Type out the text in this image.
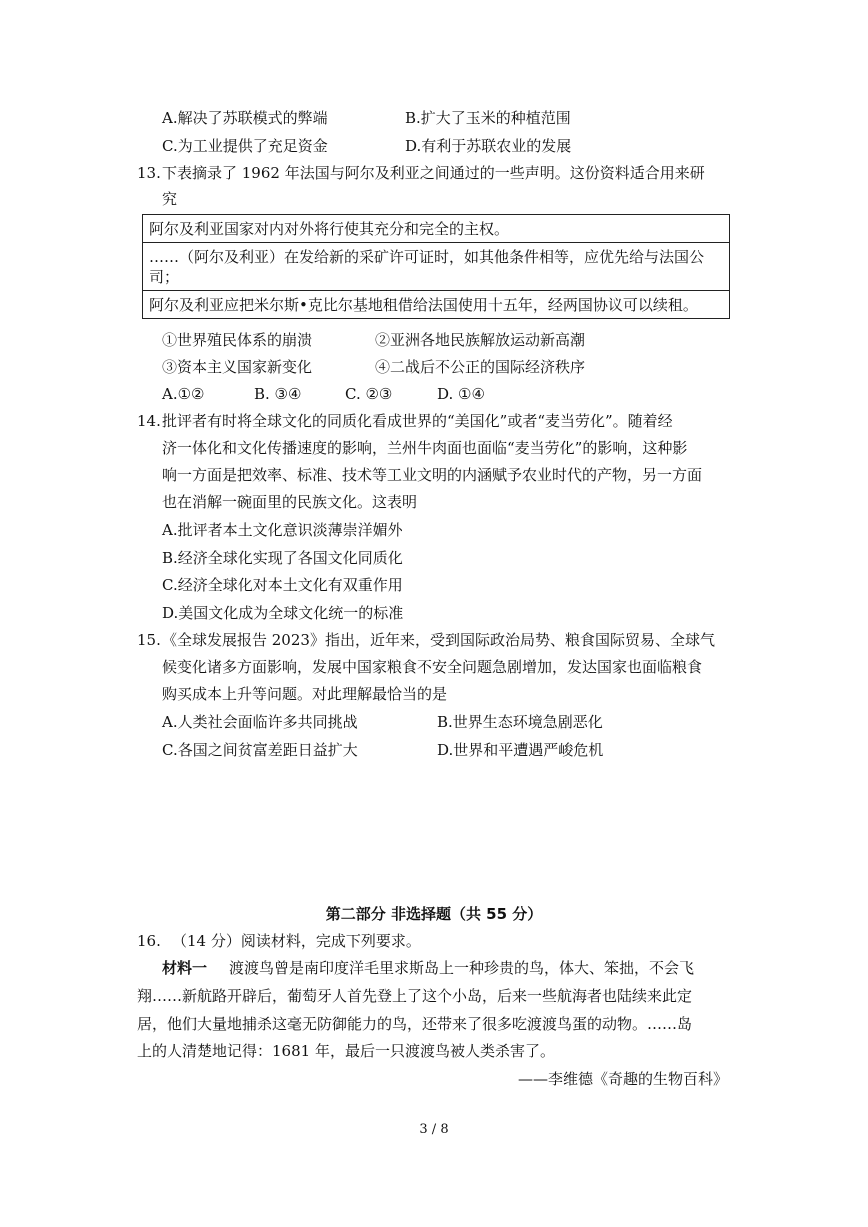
A.解决了苏联模式的弊端	B.扩大了玉米的种植范围
C.为工业提供了充足资金	D.有利于苏联农业的发展
13. 下表摘录了 1962 年法国与阿尔及利亚之间通过的一些声明。这份资料适合用来研
究
阿尔及利亚国家对内对外将行使其充分和完全的主权。
……（阿尔及利亚）在发给新的采矿许可证时，如其他条件相等，应优先给与法国公司；
阿尔及利亚应把米尔斯•克比尔基地租借给法国使用十五年，经两国协议可以续租。
①世界殖民体系的崩溃	②亚洲各地民族解放运动新高潮
③资本主义国家新变化	④二战后不公正的国际经济秩序
A.①②	B. ③④	C. ②③	D. ①④
14. 批评者有时将全球文化的同质化看成世界的“美国化”或者“麦当劳化”。随着经
济一体化和文化传播速度的影响，兰州牛肉面也面临“麦当劳化”的影响，这种影
响一方面是把效率、标准、技术等工业文明的内涵赋予农业时代的产物，另一方面
也在消解一碗面里的民族文化。这表明
A.批评者本土文化意识淡薄崇洋媚外
B.经济全球化实现了各国文化同质化
C.经济全球化对本土文化有双重作用
D.美国文化成为全球文化统一的标准
15. 《全球发展报告 2023》指出，近年来，受到国际政治局势、粮食国际贸易、全球气
候变化诸多方面影响，发展中国家粮食不安全问题急剧增加，发达国家也面临粮食
购买成本上升等问题。对此理解最恰当的是
A.人类社会面临许多共同挑战	B.世界生态环境急剧恶化
C.各国之间贫富差距日益扩大	D.世界和平遭遇严峻危机
第二部分 非选择题（共 55 分）
16. （14 分）阅读材料，完成下列要求。
材料一 渡渡鸟曾是南印度洋毛里求斯岛上一种珍贵的鸟，体大、笨拙，不会飞
翔……新航路开辟后，葡萄牙人首先登上了这个小岛，后来一些航海者也陆续来此定
居，他们大量地捕杀这毫无防御能力的鸟，还带来了很多吃渡渡鸟蛋的动物。……岛
上的人清楚地记得：1681 年，最后一只渡渡鸟被人类杀害了。
——李维德《奇趣的生物百科》
3 / 8
